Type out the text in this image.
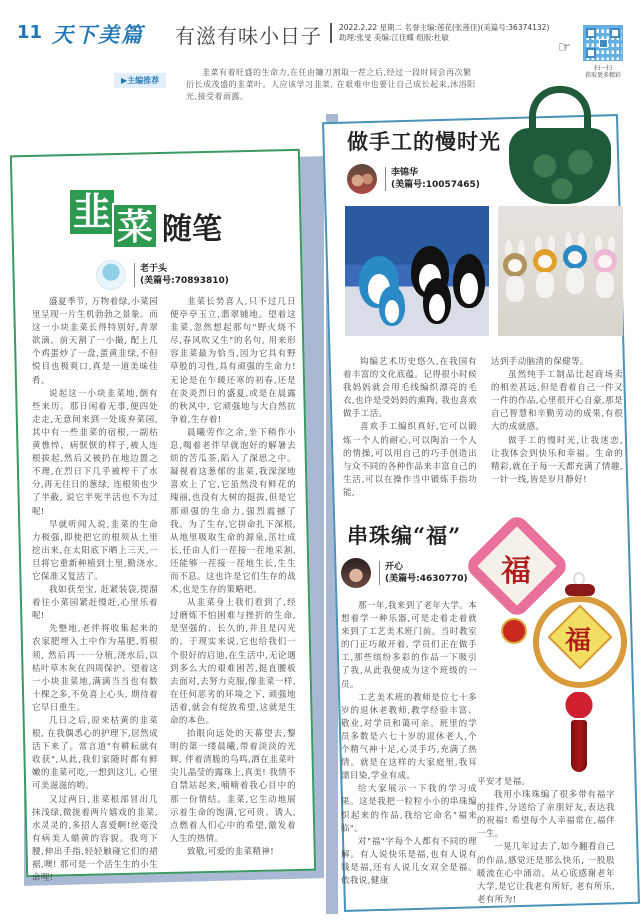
11 天下美篇 有滋有味小日子 2022.2.22 星期二 名誉主编:莲花(张莲佳)(美篇号:36374132)
助理:张旻 美编:江佳蝶 组版:杜敏
☞
扫一扫
获取更多精彩
▶主编推荐
韭菜有着旺盛的生命力,在任由镰刀割取一茬之后,经过一段时间会再次繁衍长成茂盛的韭菜叶。人应该学习韭菜, 在艰难中也要让自己成长起来,沐浴阳光,接受着雨露。
韭 菜 随笔
老于头
(美篇号:70893810)

盛夏季节, 万物着绿,小菜园里呈现一片生机勃勃之景象。而这一小块韭菜长得特别好,青翠欲滴。前天割了一小撮, 配上几个鸡蛋炒了一盘,蛋黄韭绿,不但悦目也极爽口,真是一道美味佳肴。

说起这一小块韭菜地,倒有些来历。那日闲着无事,便四处走走,无意间来到一处废弃菜园,其中有一些韭菜的宿根,一副枯黄憔悴、病恹恹的样子,被人连根拔起,然后又被扔在地边置之不理,在烈日下几乎被榨干了水分,再无往日的葱绿, 连根须也少了半截, 说它半死半活也不为过呢!

早就听闻人说,韭菜的生命力极强,即使把它的根须从土里挖出来,在太阳底下晒上三天,一旦将它重新种植到土里,勤浇水,它保准又复活了。

我如获至宝, 赶紧装袋,提溜着往小菜园紧赶慢赶,心里乐着呢!

先整地,老伴将收集起来的农家肥埋入土中作为基肥,剪根须, 然后再一一分植,浇水后,以枯叶草木灰在四周保护。望着这一小块韭菜地,满满当当也有数十棵之多,不免喜上心头, 期待着它早日重生。

几日之后,原来枯黄的韭菜根, 在我偶悉心的护理下,居然成活下来了。常言道"有耕耘就有收获",从此,我们家随时都有鲜嫩的韭菜可吃,一想到这儿, 心里可美滋滋的哟。

又过两日,韭菜根部冒出几抹浅绿,微拢着两片嬉戏的韭菜,水灵灵的,多招人喜爱啊!丝毫没有病美人蜡黄的容貌。我弯下腰,伸出手指,轻轻触碰它们的裙裾,噢! 那可是一个活生生的小生命哩!

韭菜长势喜人,只不过几日便亭亭玉立,翡翠铺地。望着这韭菜,忽然想起那句"野火烧不尽,春风吹又生"的名句, 用来形容韭菜最为恰当,因为它具有野草般的习性,具有顽强的生命力! 无论是在乍暖还寒的初春,还是在炎炎烈日的盛夏,或是在晨露的秋风中, 它顽强地与大自然抗争着,生存着!

晨曦劳作之余,坐下稍作小息,喝着老伴早就泡好的解暑去烦的苦瓜茶,陷入了深思之中。凝视着这葱郁的韭菜,我深深地喜欢上了它,它虽然没有鲜花的瑰丽,也没有大树的挺拔,但是它那顽强的生命力,强烈震撼了我。为了生存,它拼命扎下深根,从地里吸取生命的源泉,茁壮成长,任由人们一茬接一茬地采割,还能够一茬接一茬地生长,生生而不息。这也许是它们生存的战术,也是生存的策略吧。

从韭菜身上我们看到了,经过磨炼不怕困难与挫折的生命,是坚强的、长久的,并且是闪光的。于现实来说,它也给我们一个很好的启迪,在生活中,无论遇到多么大的艰难困苦,挺直腰板去面对,去努力克服,像韭菜一样,在任何恶劣的环境之下, 顽强地活着,就会有绽放希望,这就是生命的本色。

抬眼向远处的天幕望去,黎明的第一缕晨曦,带着淡淡的光辉, 伴着清脆的鸟鸣,洒在韭菜叶尖儿晶莹的露珠上,真美! 我情不自禁站起来,喃喃着我心目中的那一份情结。韭菜,它生动地展示着生命的饱满,它可贵、诱人,点燃着人们心中的希望,激发着人生的热情。

致敬,可爱的韭菜精神!

做手工的慢时光
李锦华
(美篇号:10057465)

钩编艺术历史悠久,在我国有着丰富的文化底蕴。记得很小时候我妈妈就会用毛线编织漂亮的毛衣,也许是受妈妈的熏陶, 我也喜欢做手工活。

喜欢手工编织真好,它可以锻炼一个人的耐心,可以陶冶一个人的情操,可以用自己的巧手创造出与众不同的各种作品来丰富自己的生活,可以在操作当中锻炼手指功能,

达到手动脑清的保健等。

虽然纯手工制品比起商场卖的相差甚远,但是看着自己一件又一件的作品,心里很开心自豪,那是自己智慧和辛勤劳动的成果,有很大的成就感。

做手工的慢时光,让我迷恋, 让我体会到快乐和幸福。生命的精彩,就在于每一天都充满了情趣,一针一线,皆是岁月静好!

串珠编“福”
开心
(美篇号:4630770) 福
福

那一年,我来到了老年大学。本想着学一种乐器,可是走着走着就来到了工艺美术班门前。当时教室的门正巧敞开着, 学员们正在做手工,那些缤纷多彩的作品一下吸引了我,从此我便成为这个班级的一员。

工艺美术班的教师是位七十多岁的退休老教师,教学经验丰富、敬业,对学员和蔼可亲。班里的学员多数是六七十岁的退休老人,个个精气神十足,心灵手巧,充满了热情。就是在这样的大家庭里,我耳濡目染,学业有成。

给大家展示一下我的学习成果。这是我把一粒粒小小的串珠编织起来的作品,我给它命名"福来临"。

对"福"字每个人都有不同的理解。有人说快乐是福,也有人说有钱是福,还有人说儿女双全是福。依我说,健康

平安才是福。

我用小珠珠编了很多带有福字的挂件,分送给了亲朋好友,表达我的祝福! 希望每个人幸福常在,福伴一生。

一晃几年过去了,如今翻看自己的作品,感觉还是那么快乐, 一股股暖流在心中涌动。从心底感谢老年大学,是它让我老有所好, 老有所乐,老有所为!
